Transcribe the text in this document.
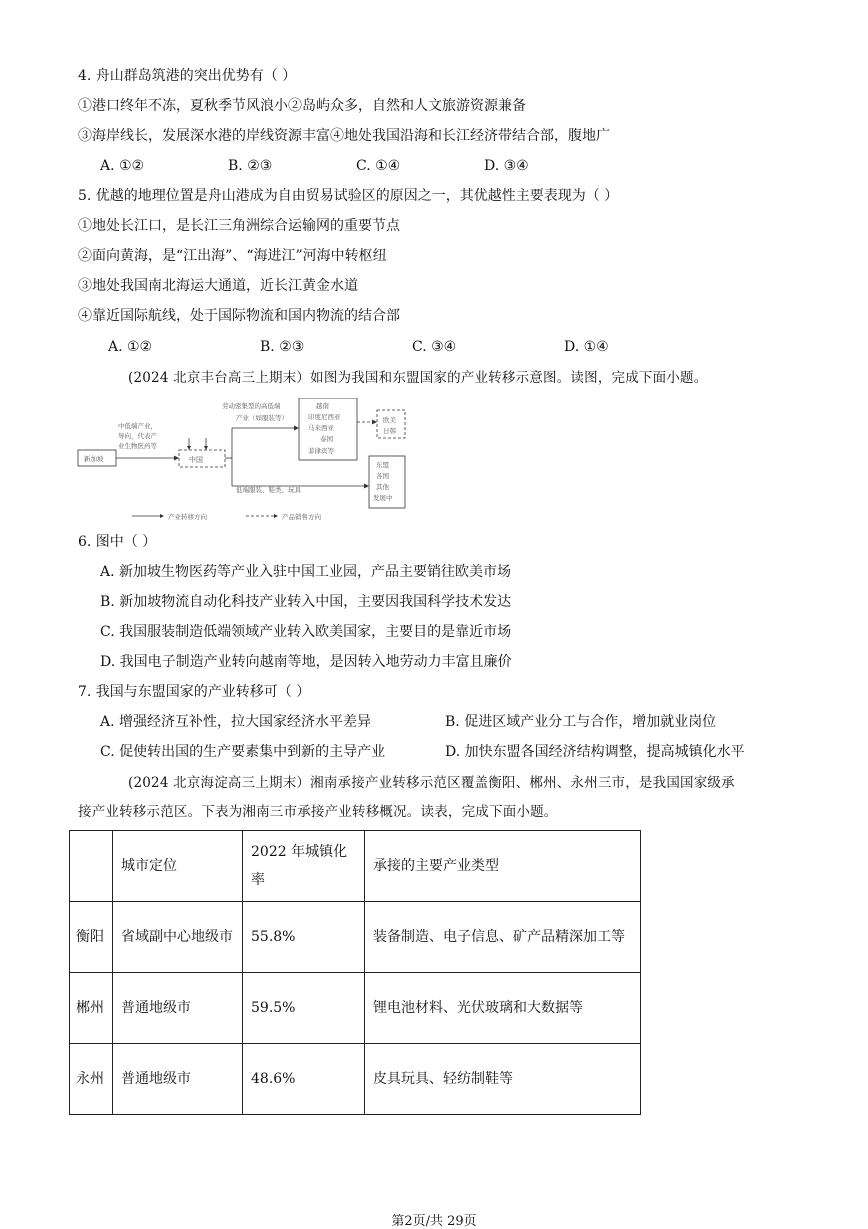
4. 舟山群岛筑港的突出优势有（ ）
①港口终年不冻，夏秋季节风浪小②岛屿众多，自然和人文旅游资源兼备
③海岸线长，发展深水港的岸线资源丰富④地处我国沿海和长江经济带结合部，腹地广
A. ①②	B. ②③	C. ①④	D. ③④
5. 优越的地理位置是舟山港成为自由贸易试验区的原因之一，其优越性主要表现为（ ）
①地处长江口，是长江三角洲综合运输网的重要节点
②面向黄海，是“江出海”、“海进江”河海中转枢纽
③地处我国南北海运大通道，近长江黄金水道
④靠近国际航线，处于国际物流和国内物流的结合部
A. ①②	B. ②③	C. ③④	D. ①④
(2024 北京丰台高三上期末）如图为我国和东盟国家的产业转移示意图。读图，完成下面小题。
新加坡
中低端产业，
导向，代表产
业生物医药等
中国
劳动密集型的高低端
产业（如服装等）
越南
印度尼西亚
马来西亚
泰国
菲律宾等
欧美
日韩
低端服装、鞋类、玩具
东盟
各国
其他
发展中
产业转移方向	产品销售方向
6. 图中（ ）
A. 新加坡生物医药等产业入驻中国工业园，产品主要销往欧美市场
B. 新加坡物流自动化科技产业转入中国，主要因我国科学技术发达
C. 我国服装制造低端领域产业转入欧美国家，主要目的是靠近市场
D. 我国电子制造产业转向越南等地，是因转入地劳动力丰富且廉价
7. 我国与东盟国家的产业转移可（ ）
A. 增强经济互补性，拉大国家经济水平差异	B. 促进区域产业分工与合作，增加就业岗位
C. 促使转出国的生产要素集中到新的主导产业	D. 加快东盟各国经济结构调整，提高城镇化水平
(2024 北京海淀高三上期末）湘南承接产业转移示范区覆盖衡阳、郴州、永州三市，是我国国家级承
接产业转移示范区。下表为湘南三市承接产业转移概况。读表，完成下面小题。
	城市定位	2022 年城镇化率	承接的主要产业类型
衡阳	省域副中心地级市	55.8%	装备制造、电子信息、矿产品精深加工等
郴州	普通地级市	59.5%	锂电池材料、光伏玻璃和大数据等
永州	普通地级市	48.6%	皮具玩具、轻纺制鞋等
第2页/共 29页
